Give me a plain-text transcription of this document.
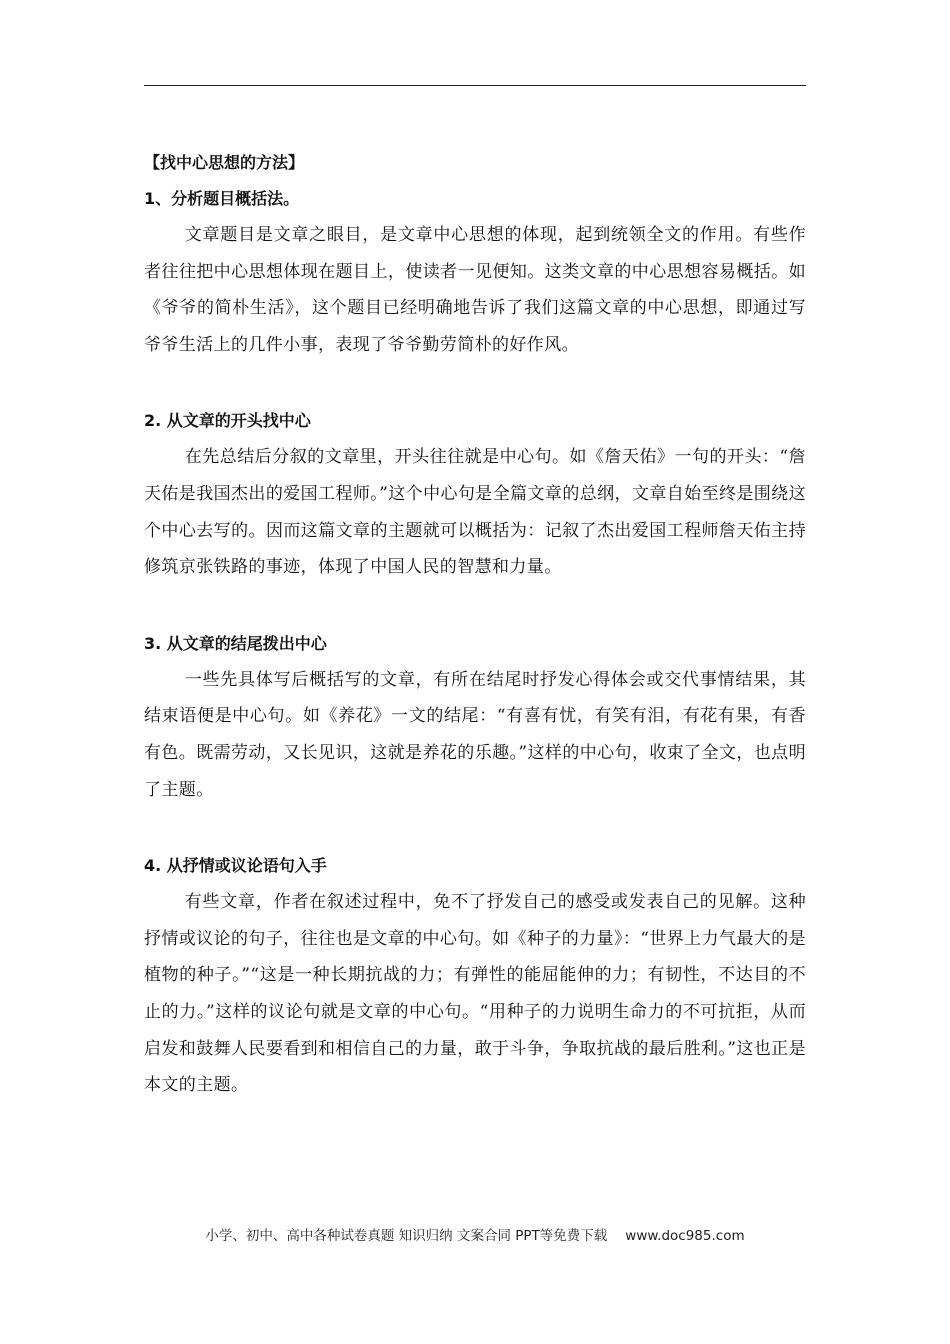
【找中心思想的方法】
1、分析题目概括法。

文章题目是文章之眼目，是文章中心思想的体现，起到统领全文的作用。有些作者往往把中心思想体现在题目上，使读者一见便知。这类文章的中心思想容易概括。如《爷爷的简朴生活》，这个题目已经明确地告诉了我们这篇文章的中心思想，即通过写爷爷生活上的几件小事，表现了爷爷勤劳简朴的好作风。

2. 从文章的开头找中心

在先总结后分叙的文章里，开头往往就是中心句。如《詹天佑》一句的开头：“詹天佑是我国杰出的爱国工程师。”这个中心句是全篇文章的总纲，文章自始至终是围绕这个中心去写的。因而这篇文章的主题就可以概括为：记叙了杰出爱国工程师詹天佑主持修筑京张铁路的事迹，体现了中国人民的智慧和力量。

3. 从文章的结尾拨出中心

一些先具体写后概括写的文章，有所在结尾时抒发心得体会或交代事情结果，其结束语便是中心句。如《养花》一文的结尾：“有喜有忧，有笑有泪，有花有果，有香有色。既需劳动，又长见识，这就是养花的乐趣。”这样的中心句，收束了全文，也点明了主题。

4. 从抒情或议论语句入手

有些文章，作者在叙述过程中，免不了抒发自己的感受或发表自己的见解。这种抒情或议论的句子，往往也是文章的中心句。如《种子的力量》：“世界上力气最大的是植物的种子。”“这是一种长期抗战的力；有弹性的能屈能伸的力；有韧性，不达目的不止的力。”这样的议论句就是文章的中心句。“用种子的力说明生命力的不可抗拒，从而启发和鼓舞人民要看到和相信自己的力量，敢于斗争，争取抗战的最后胜利。”这也正是本文的主题。

小学、初中、高中各种试卷真题 知识归纳 文案合同 PPT等免费下载 www.doc985.com
